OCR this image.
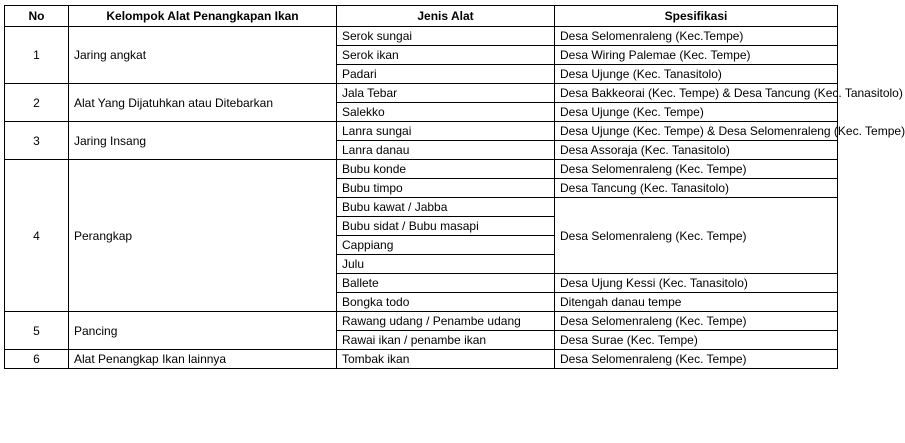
No	Kelompok Alat Penangkapan Ikan	Jenis Alat	Spesifikasi
1	Jaring angkat	Serok sungai	Desa Selomenraleng (Kec.Tempe)
		Serok ikan	Desa Wiring Palemae (Kec. Tempe)
		Padari	Desa Ujunge (Kec. Tanasitolo)
2	Alat Yang Dijatuhkan atau Ditebarkan	Jala Tebar	Desa Bakkeorai (Kec. Tempe) & Desa Tancung (Kec. Tanasitolo)
		Salekko	Desa Ujunge (Kec. Tempe)
3	Jaring Insang	Lanra sungai	Desa Ujunge (Kec. Tempe) & Desa Selomenraleng (Kec. Tempe)
		Lanra danau	Desa Assoraja (Kec. Tanasitolo)
4	Perangkap	Bubu konde	Desa Selomenraleng (Kec. Tempe)
		Bubu timpo	Desa Tancung (Kec. Tanasitolo)
		Bubu kawat / Jabba	Desa Selomenraleng (Kec. Tempe)
		Bubu sidat / Bubu masapi	
		Cappiang	
		Julu	
		Ballete	Desa Ujung Kessi (Kec. Tanasitolo)
		Bongka todo	Ditengah danau tempe
5	Pancing	Rawang udang / Penambe udang	Desa Selomenraleng (Kec. Tempe)
		Rawai ikan / penambe ikan	Desa Surae (Kec. Tempe)
6	Alat Penangkap Ikan lainnya	Tombak ikan	Desa Selomenraleng (Kec. Tempe)
